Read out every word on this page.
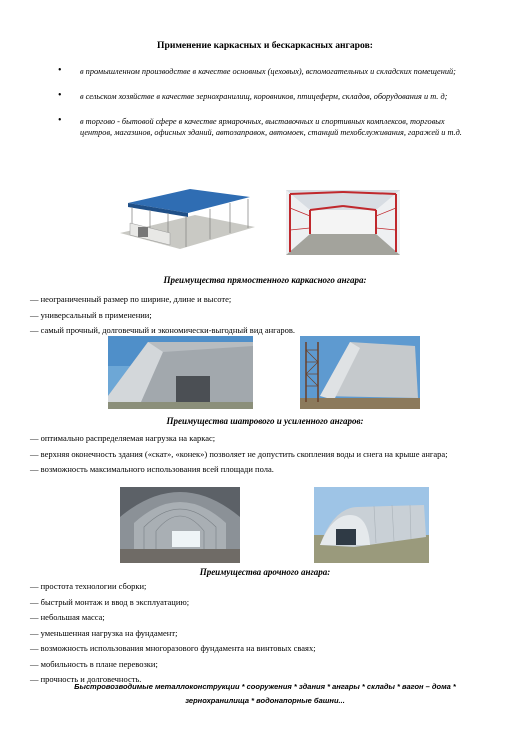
Применение каркасных и бескаркасных ангаров:
• в промышленном производстве в качестве основных (цеховых), вспомогательных и складских помещений;
• в сельском хозяйстве в качестве зернохранилищ, коровников, птицеферм, складов, оборудования и т. д;
• в торгово - бытовой сфере в качестве ярмарочных, выставочных и спортивных комплексов, торговых центров, магазинов, офисных зданий, автозаправок, автомоек, станций техобслуживания, гаражей и т.д.
Преимущества прямостенного каркасного ангара:

— неограниченный размер по ширине, длине и высоте;

— универсальный в применении;

— самый прочный, долговечный и экономически-выгодный вид ангаров.

Преимущества шатрового и усиленного ангаров:

— оптимально распределяемая нагрузка на каркас;

— верхняя оконечность здания («скат», «конек») позволяет не допустить скопления воды и снега на крыше ангара;

— возможность максимального использования всей площади пола.

Преимущества арочного ангара:

— простота технологии сборки;

— быстрый монтаж и ввод в эксплуатацию;

— небольшая масса;

— уменьшенная нагрузка на фундамент;

— возможность использования многоразового фундамента на винтовых сваях;

— мобильность в плане перевозки;

— прочность и долговечность.

Быстровозводимые металлоконструкции * сооружения * здания * ангары * склады * вагон – дома *
зернохранилища * водонапорные башни...
